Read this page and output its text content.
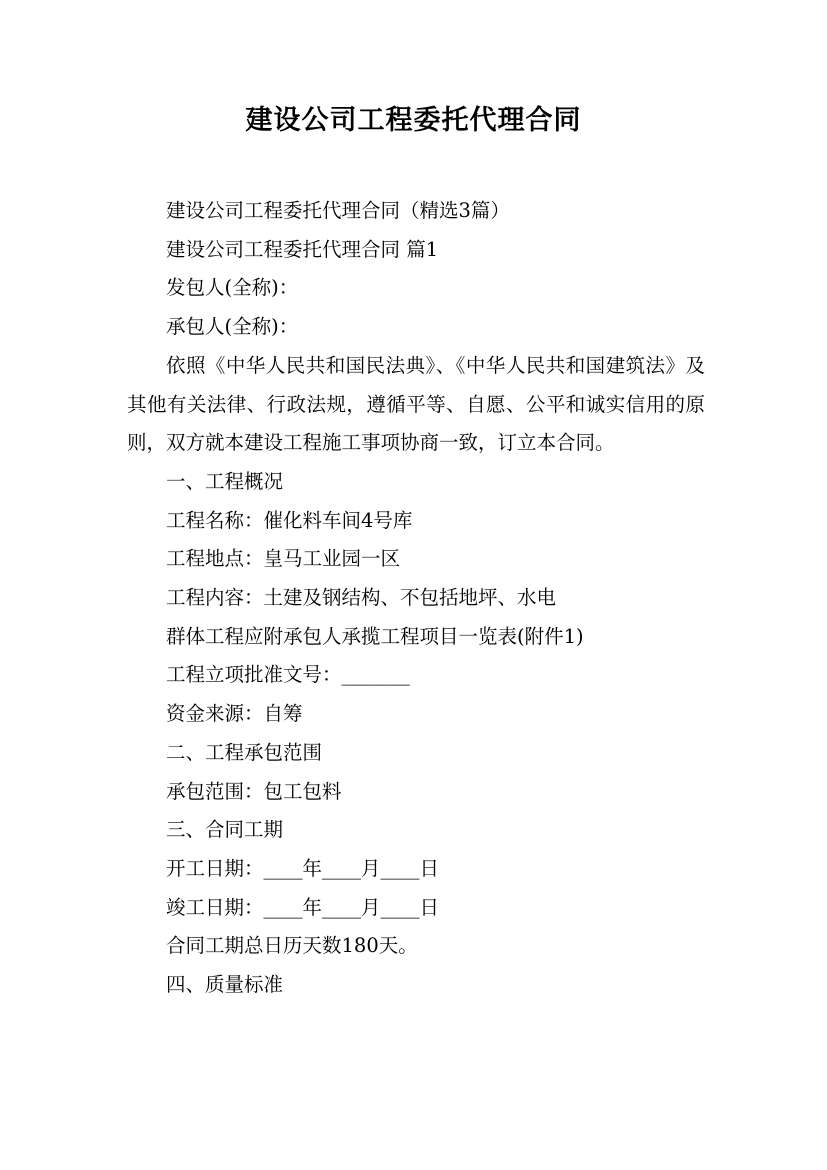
建设公司工程委托代理合同

建设公司工程委托代理合同（精选3篇）

建设公司工程委托代理合同 篇1

发包人(全称)：

承包人(全称)：

依照《中华人民共和国民法典》、《中华人民共和国建筑法》及其他有关法律、行政法规，遵循平等、自愿、公平和诚实信用的原则，双方就本建设工程施工事项协商一致，订立本合同。

一、工程概况

工程名称：催化料车间4号库

工程地点：皇马工业园一区

工程内容：土建及钢结构、不包括地坪、水电

群体工程应附承包人承揽工程项目一览表(附件1)

工程立项批准文号：_______

资金来源：自筹

二、工程承包范围

承包范围：包工包料

三、合同工期

开工日期：____年____月____日

竣工日期：____年____月____日

合同工期总日历天数180天。

四、质量标准
